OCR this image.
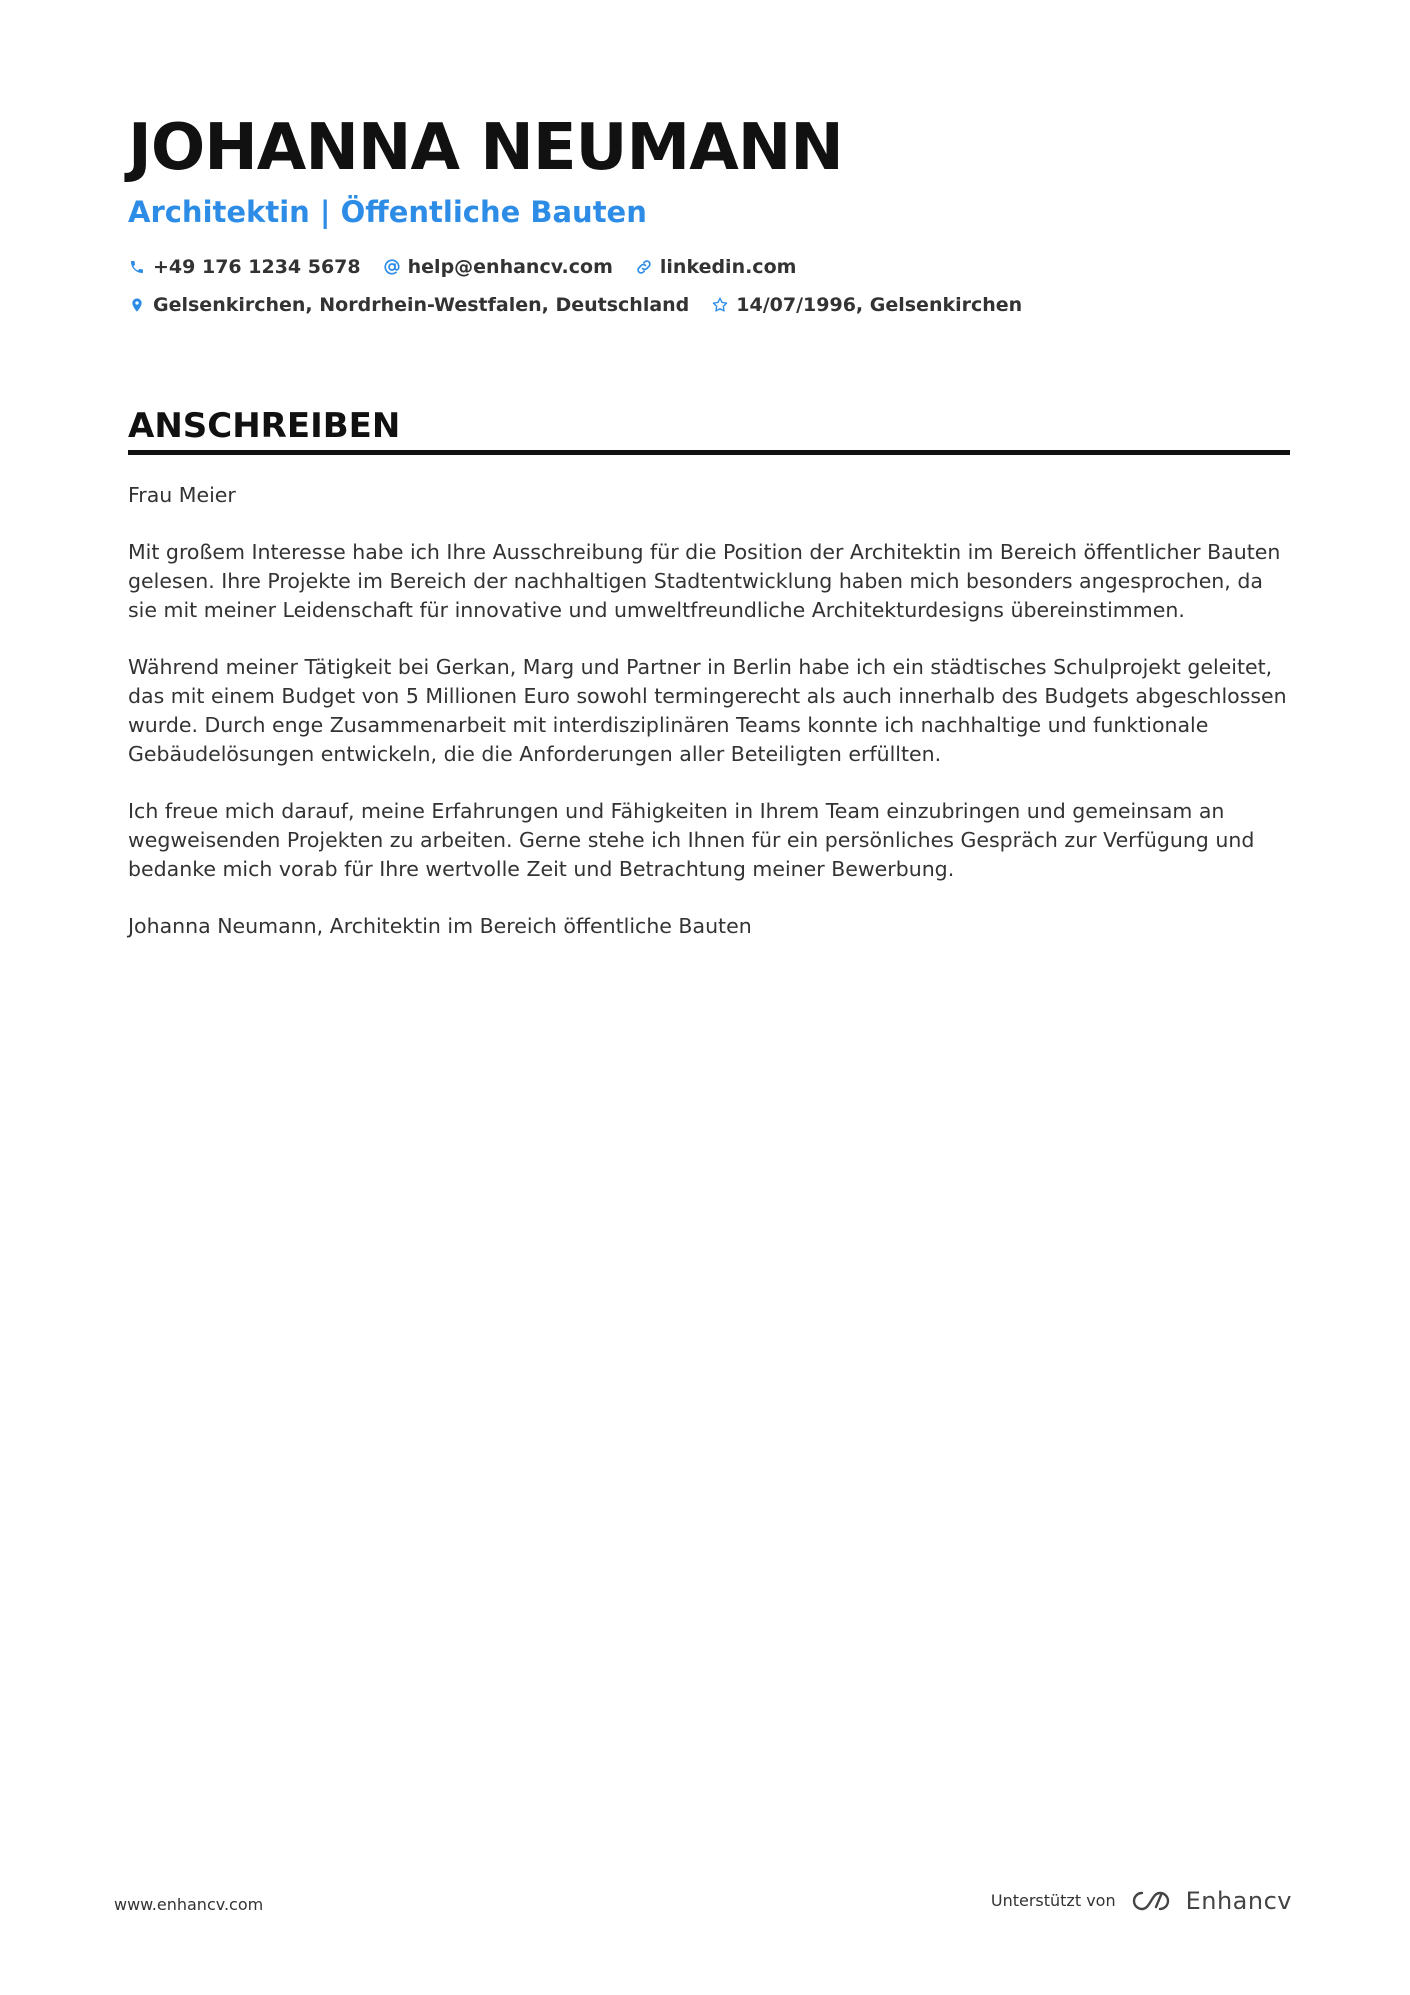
JOHANNA NEUMANN
Architektin | Öffentliche Bauten
+49 176 1234 5678 help@enhancv.com linkedin.com
Gelsenkirchen, Nordrhein-Westfalen, Deutschland 14/07/1996, Gelsenkirchen
ANSCHREIBEN

Frau Meier

Mit großem Interesse habe ich Ihre Ausschreibung für die Position der Architektin im Bereich öffentlicher Bauten gelesen. Ihre Projekte im Bereich der nachhaltigen Stadtentwicklung haben mich besonders angesprochen, da sie mit meiner Leidenschaft für innovative und umweltfreundliche Architekturdesigns übereinstimmen.

Während meiner Tätigkeit bei Gerkan, Marg und Partner in Berlin habe ich ein städtisches Schulprojekt geleitet, das mit einem Budget von 5 Millionen Euro sowohl termingerecht als auch innerhalb des Budgets abgeschlossen wurde. Durch enge Zusammenarbeit mit interdisziplinären Teams konnte ich nachhaltige und funktionale Gebäudelösungen entwickeln, die die Anforderungen aller Beteiligten erfüllten.

Ich freue mich darauf, meine Erfahrungen und Fähigkeiten in Ihrem Team einzubringen und gemeinsam an wegweisenden Projekten zu arbeiten. Gerne stehe ich Ihnen für ein persönliches Gespräch zur Verfügung und bedanke mich vorab für Ihre wertvolle Zeit und Betrachtung meiner Bewerbung.

Johanna Neumann, Architektin im Bereich öffentliche Bauten

www.enhancv.com	Unterstützt von	Enhancv
